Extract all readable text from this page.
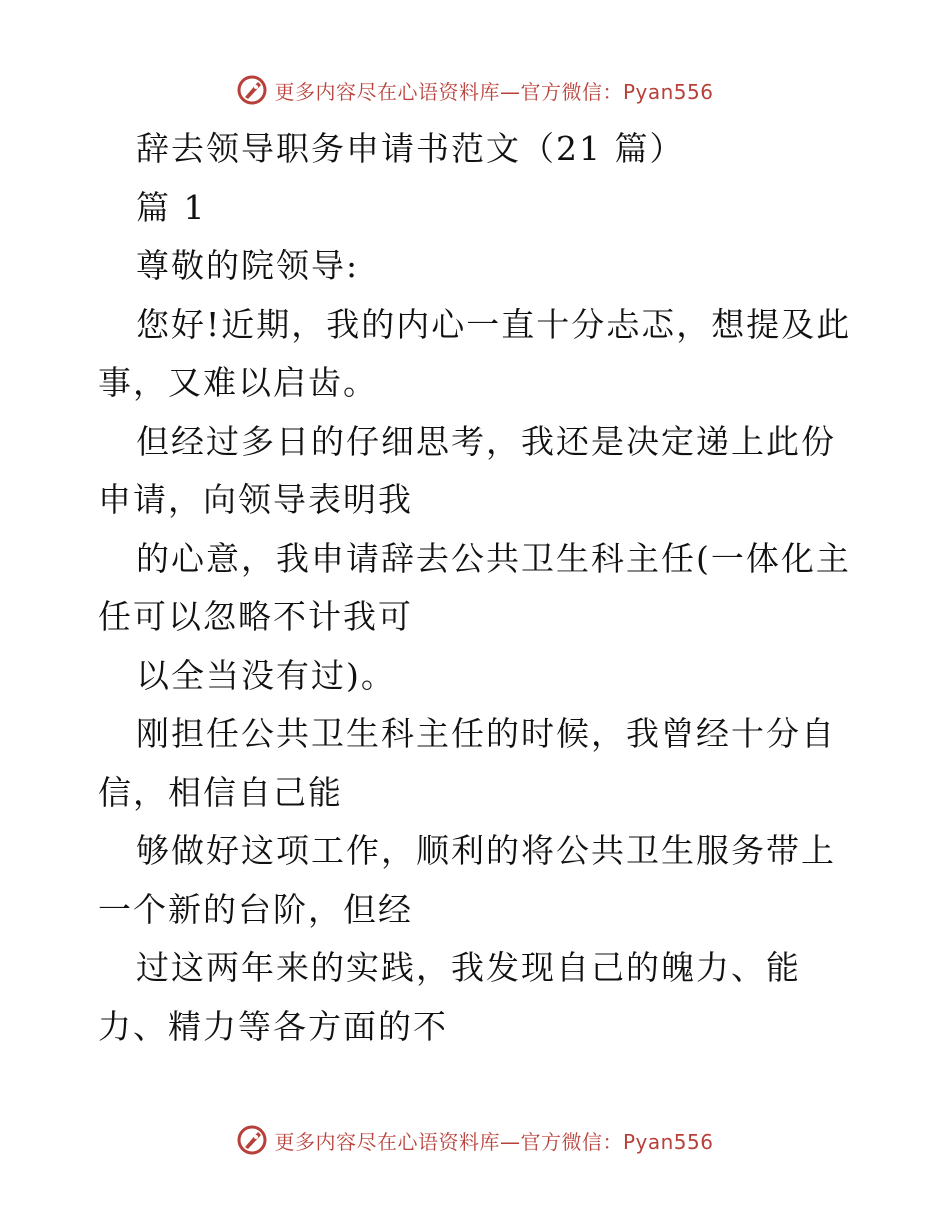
更多内容尽在心语资料库—官方微信：Pyan556

辞去领导职务申请书范文（21 篇）

篇 1

尊敬的院领导:

您好!近期，我的内心一直十分忐忑，想提及此事，又难以启齿。

但经过多日的仔细思考，我还是决定递上此份申请，向领导表明我

的心意，我申请辞去公共卫生科主任(一体化主任可以忽略不计我可

以全当没有过)。

刚担任公共卫生科主任的时候，我曾经十分自信，相信自己能

够做好这项工作，顺利的将公共卫生服务带上一个新的台阶，但经

过这两年来的实践，我发现自己的魄力、能力、精力等各方面的不

更多内容尽在心语资料库—官方微信：Pyan556
